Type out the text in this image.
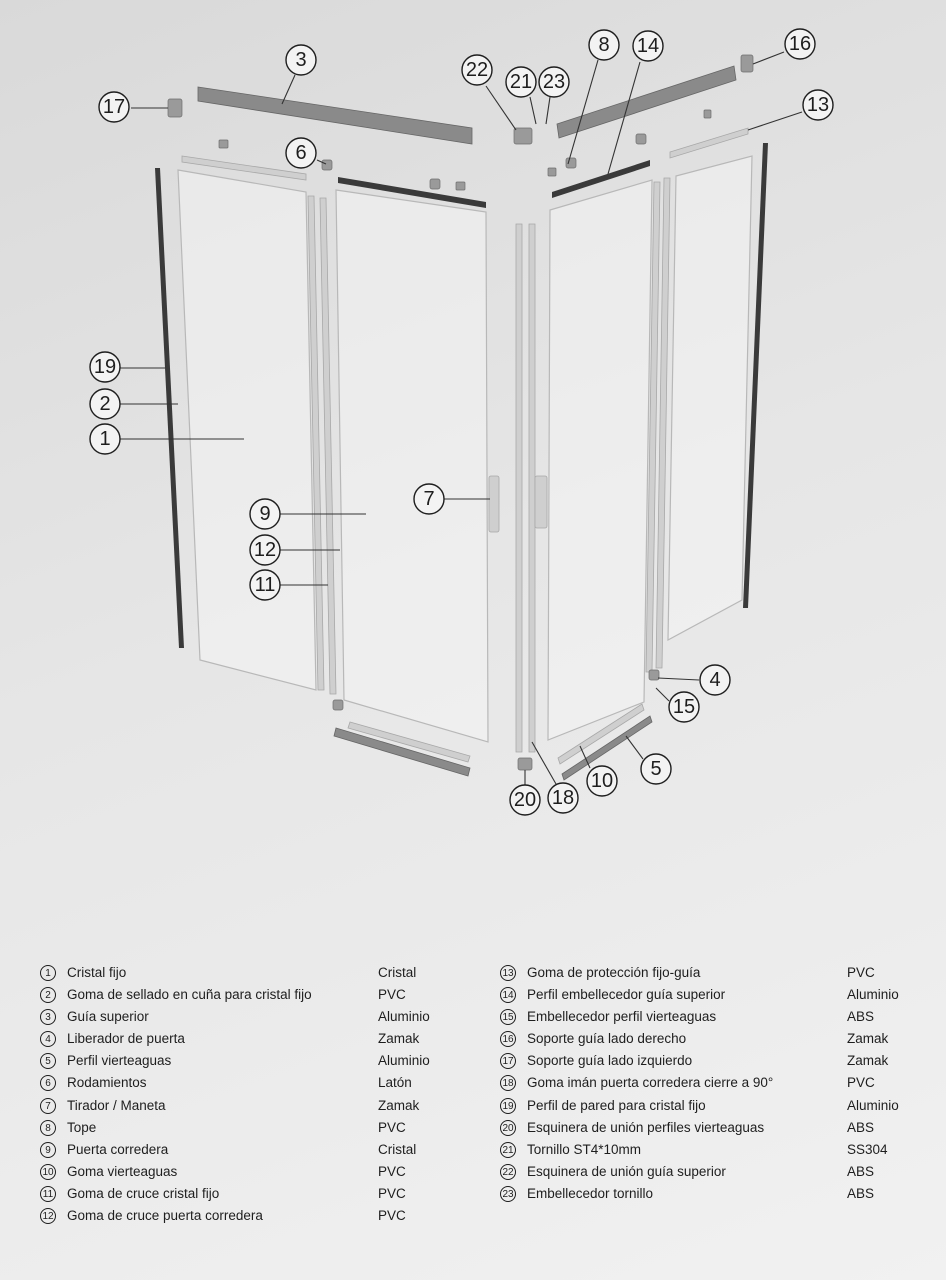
1
2
3
4
5
6
7
8
9
10
11
12
13
14
15
16
17
18
19
20
21
22
23
1	Cristal fijo	Cristal
2	Goma de sellado en cuña para cristal fijo	PVC
3	Guía superior	Aluminio
4	Liberador de puerta	Zamak
5	Perfil vierteaguas	Aluminio
6	Rodamientos	Latón
7	Tirador / Maneta	Zamak
8	Tope	PVC
9	Puerta corredera	Cristal
10 Goma vierteaguas	PVC
11 Goma de cruce cristal fijo	PVC
12 Goma de cruce puerta corredera	PVC
13 Goma de protección fijo-guía	PVC
14 Perfil embellecedor guía superior	Aluminio
15 Embellecedor perfil vierteaguas	ABS
16 Soporte guía lado derecho	Zamak
17 Soporte guía lado izquierdo	Zamak
18 Goma imán puerta corredera cierre a 90°	PVC
19 Perfil de pared para cristal fijo	Aluminio
20 Esquinera de unión perfiles vierteaguas	ABS
21 Tornillo ST4*10mm	SS304
22 Esquinera de unión guía superior	ABS
23 Embellecedor tornillo	ABS
